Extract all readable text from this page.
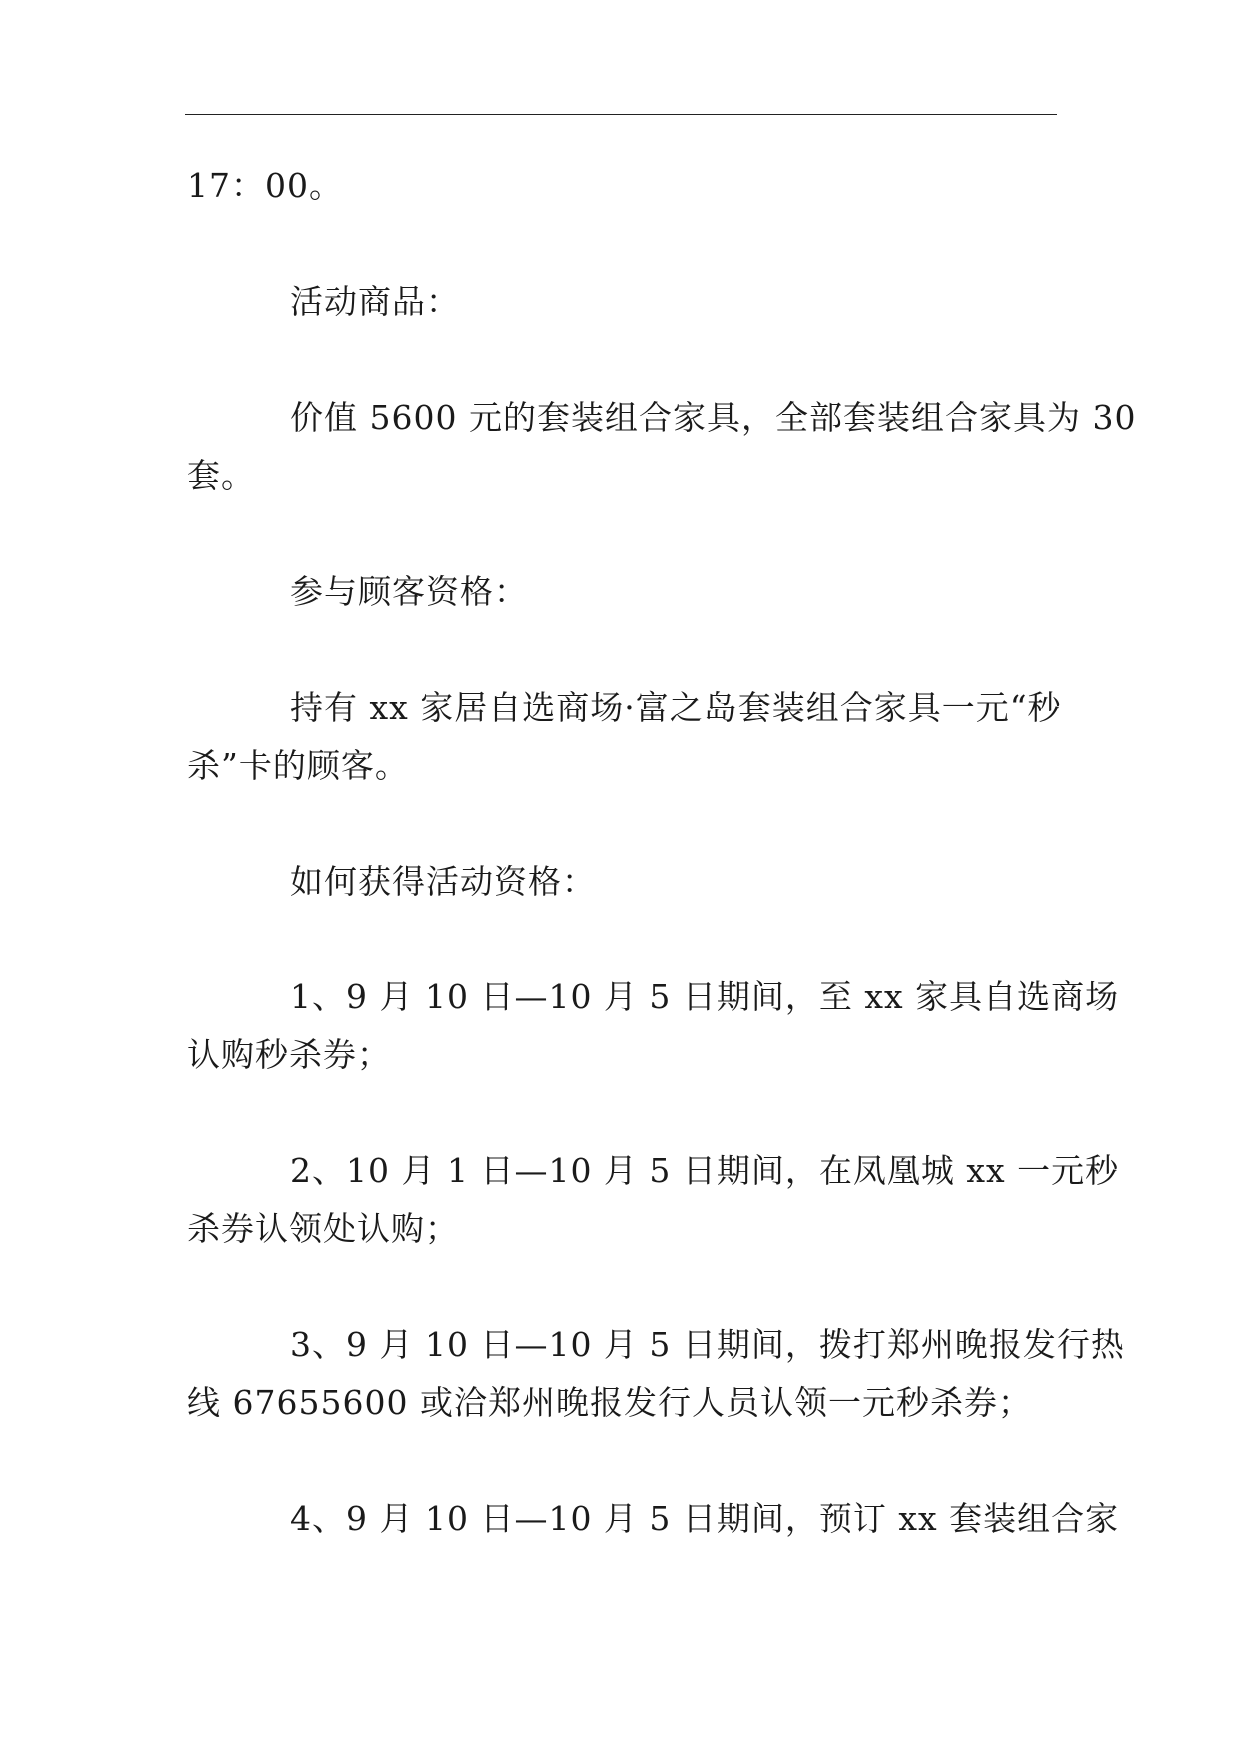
17：00。
活动商品：
价值 5600 元的套装组合家具，全部套装组合家具为 30
套。
参与顾客资格：
持有 xx 家居自选商场·富之岛套装组合家具一元“秒
杀”卡的顾客。
如何获得活动资格：
1、9 月 10 日—10 月 5 日期间，至 xx 家具自选商场
认购秒杀券；
2、10 月 1 日—10 月 5 日期间，在凤凰城 xx 一元秒
杀券认领处认购；
3、9 月 10 日—10 月 5 日期间，拨打郑州晚报发行热
线 67655600 或洽郑州晚报发行人员认领一元秒杀券；
4、9 月 10 日—10 月 5 日期间，预订 xx 套装组合家
